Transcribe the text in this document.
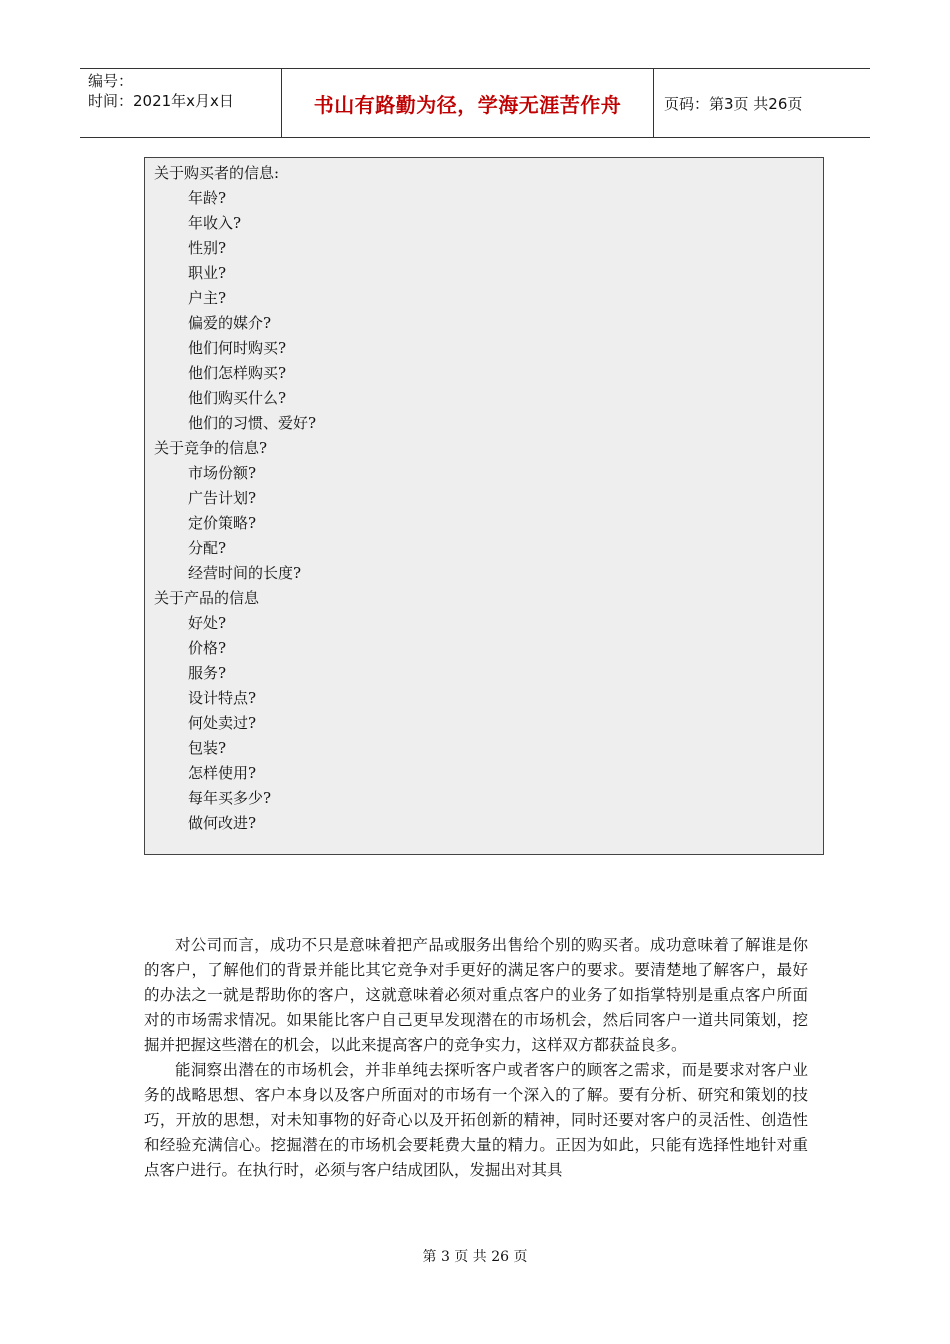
编号：
时间：2021年x月x日	书山有路勤为径，学海无涯苦作舟	页码：第3页 共26页
关于购买者的信息:
年龄?
年收入?
性别?
职业?
户主?
偏爱的媒介?
他们何时购买?
他们怎样购买?
他们购买什么?
他们的习惯、爱好?
关于竞争的信息?
市场份额?
广告计划?
定价策略?
分配?
经营时间的长度?
关于产品的信息
好处?
价格?
服务?
设计特点?
何处卖过?
包装?
怎样使用?
每年买多少?
做何改进?

对公司而言，成功不只是意味着把产品或服务出售给个别的购买者。成功意味着了解谁是你的客户，了解他们的背景并能比其它竞争对手更好的满足客户的要求。要清楚地了解客户，最好的办法之一就是帮助你的客户，这就意味着必须对重点客户的业务了如指掌特别是重点客户所面对的市场需求情况。如果能比客户自己更早发现潜在的市场机会，然后同客户一道共同策划，挖掘并把握这些潜在的机会，以此来提高客户的竞争实力，这样双方都获益良多。

能洞察出潜在的市场机会，并非单纯去探听客户或者客户的顾客之需求，而是要求对客户业务的战略思想、客户本身以及客户所面对的市场有一个深入的了解。要有分析、研究和策划的技巧，开放的思想，对未知事物的好奇心以及开拓创新的精神，同时还要对客户的灵活性、创造性和经验充满信心。挖掘潜在的市场机会要耗费大量的精力。正因为如此，只能有选择性地针对重点客户进行。在执行时，必须与客户结成团队，发掘出对其具

第 3 页 共 26 页
